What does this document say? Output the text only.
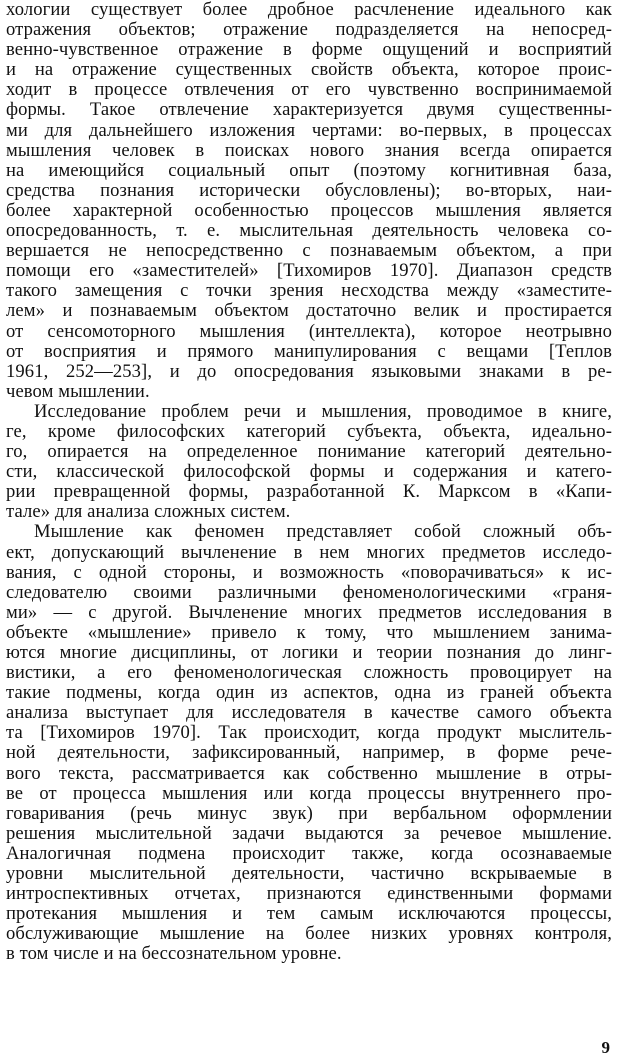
хологии существует более дробное расчленение идеального как
отражения объектов; отражение подразделяется на непосред-
венно-чувственное отражение в форме ощущений и восприятий
и на отражение существенных свойств объекта, которое проис-
ходит в процессе отвлечения от его чувственно воспринимаемой
формы. Такое отвлечение характеризуется двумя существенны-
ми для дальнейшего изложения чертами: во-первых, в процессах
мышления человек в поисках нового знания всегда опирается
на имеющийся социальный опыт (поэтому когнитивная база,
средства познания исторически обусловлены); во-вторых, наи-
более характерной особенностью процессов мышления является
опосредованность, т. е. мыслительная деятельность человека со-
вершается не непосредственно с познаваемым объектом, а при
помощи его «заместителей» [Тихомиров 1970]. Диапазон средств
такого замещения с точки зрения несходства между «заместите-
лем» и познаваемым объектом достаточно велик и простирается
от сенсомоторного мышления (интеллекта), которое неотрывно
от восприятия и прямого манипулирования с вещами [Теплов
1961, 252—253], и до опосредования языковыми знаками в ре-
чевом мышлении.
Исследование проблем речи и мышления, проводимое в книге,
ге, кроме философских категорий субъекта, объекта, идеально-
го, опирается на определенное понимание категорий деятельно-
сти, классической философской формы и содержания и катего-
рии превращенной формы, разработанной К. Марксом в «Капи-
тале» для анализа сложных систем.
Мышление как феномен представляет собой сложный объ-
ект, допускающий вычленение в нем многих предметов исследо-
вания, с одной стороны, и возможность «поворачиваться» к ис-
следователю своими различными феноменологическими «граня-
ми» — с другой. Вычленение многих предметов исследования в
объекте «мышление» привело к тому, что мышлением занима-
ются многие дисциплины, от логики и теории познания до линг-
вистики, а его феноменологическая сложность провоцирует на
такие подмены, когда один из аспектов, одна из граней объекта
анализа выступает для исследователя в качестве самого объекта
та [Тихомиров 1970]. Так происходит, когда продукт мыслитель-
ной деятельности, зафиксированный, например, в форме рече-
вого текста, рассматривается как собственно мышление в отры-
ве от процесса мышления или когда процессы внутреннего про-
говаривания (речь минус звук) при вербальном оформлении
решения мыслительной задачи выдаются за речевое мышление.
Аналогичная подмена происходит также, когда осознаваемые
уровни мыслительной деятельности, частично вскрываемые в
интроспективных отчетах, признаются единственными формами
протекания мышления и тем самым исключаются процессы,
обслуживающие мышление на более низких уровнях контроля,
в том числе и на бессознательном уровне.
9
